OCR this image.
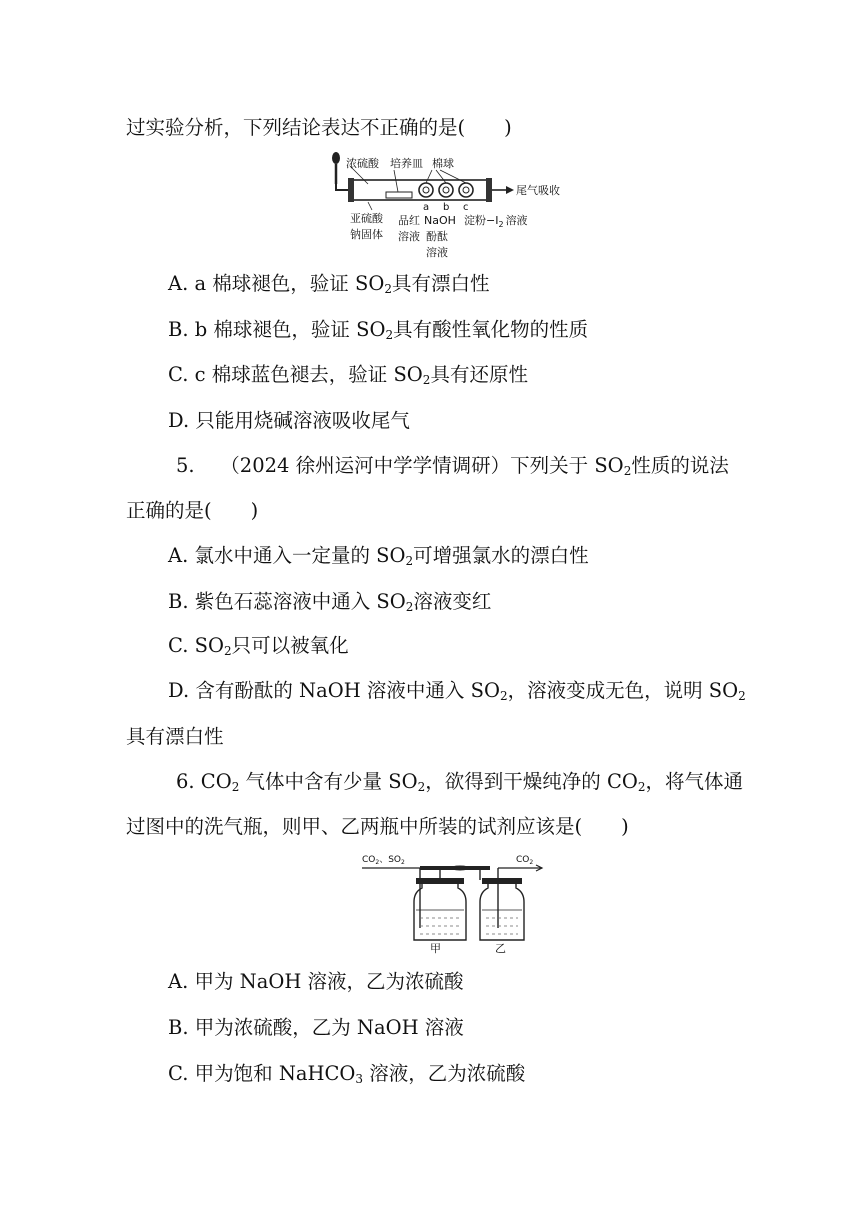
过实验分析，下列结论表达不正确的是(　　)
浓硫酸 培养皿 棉球
a b c
尾气吸收
亚硫酸
钠固体
品红
溶液
NaOH
酚酞
溶液
淀粉$-I_2$ 溶液
A. a 棉球褪色，验证 $SO_2$具有漂白性
B. b 棉球褪色，验证 $SO_2$具有酸性氧化物的性质
C. c 棉球蓝色褪去，验证 $SO_2$具有还原性
D. 只能用烧碱溶液吸收尾气
5.　 （2024 徐州运河中学学情调研）下列关于 $SO_2$性质的说法
正确的是(　　)
A. 氯水中通入一定量的 $SO_2$可增强氯水的漂白性
B. 紫色石蕊溶液中通入 $SO_2$溶液变红
C. $SO_2$只可以被氧化
D. 含有酚酞的 NaOH 溶液中通入 $SO_2$，溶液变成无色，说明 $SO_2$
具有漂白性
6. $CO_2$ 气体中含有少量 $SO_2$，欲得到干燥纯净的 $CO_2$，将气体通
过图中的洗气瓶，则甲、乙两瓶中所装的试剂应该是(　　)
$CO_2$、$SO_2$	$CO_2$
甲	乙
A. 甲为 NaOH 溶液，乙为浓硫酸
B. 甲为浓硫酸，乙为 NaOH 溶液
C. 甲为饱和 NaHCO$_3$ 溶液，乙为浓硫酸
